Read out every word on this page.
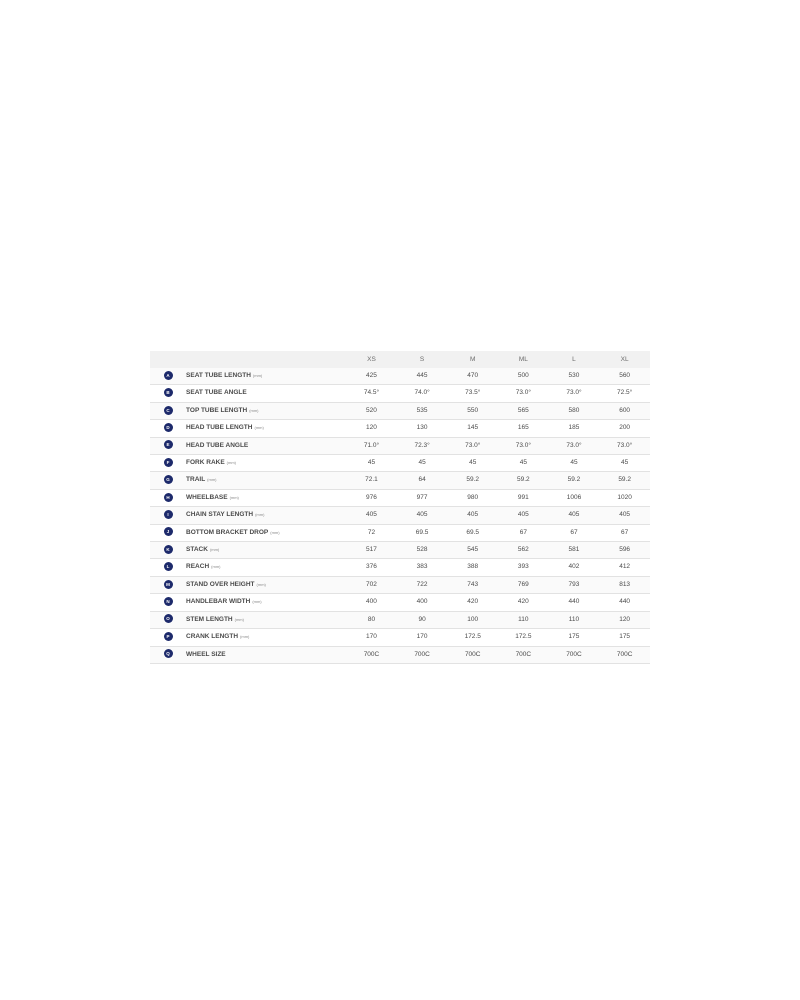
		XS	S	M	ML	L	XL
A	SEAT TUBE LENGTH (mm)	425	445	470	500	530	560
B	SEAT TUBE ANGLE	74.5°	74.0°	73.5°	73.0°	73.0°	72.5°
C	TOP TUBE LENGTH (mm)	520	535	550	565	580	600
D	HEAD TUBE LENGTH (mm)	120	130	145	165	185	200
E	HEAD TUBE ANGLE	71.0°	72.3°	73.0°	73.0°	73.0°	73.0°
F	FORK RAKE (mm)	45	45	45	45	45	45
G	TRAIL (mm)	72.1	64	59.2	59.2	59.2	59.2
H	WHEELBASE (mm)	976	977	980	991	1006	1020
I	CHAIN STAY LENGTH (mm)	405	405	405	405	405	405
J	BOTTOM BRACKET DROP (mm)	72	69.5	69.5	67	67	67
K	STACK (mm)	517	528	545	562	581	596
L	REACH (mm)	376	383	388	393	402	412
M	STAND OVER HEIGHT (mm)	702	722	743	769	793	813
N	HANDLEBAR WIDTH (mm)	400	400	420	420	440	440
O	STEM LENGTH (mm)	80	90	100	110	110	120
P	CRANK LENGTH (mm)	170	170	172.5	172.5	175	175
Q	WHEEL SIZE	700C	700C	700C	700C	700C	700C
